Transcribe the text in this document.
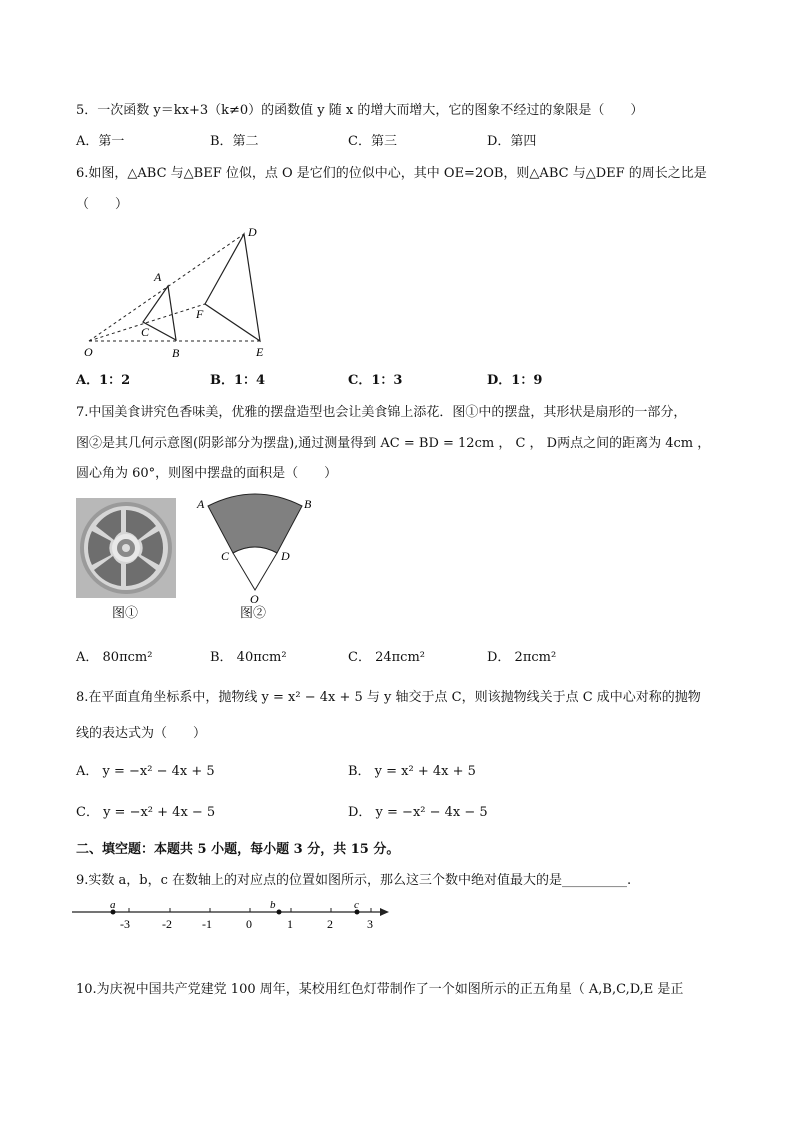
5．一次函数 y＝kx+3（k≠0）的函数值 y 随 x 的增大而增大，它的图象不经过的象限是（　　）
A．第一	B．第二	C．第三	D．第四
6.如图，△ABC 与△BEF 位似，点 O 是它们的位似中心，其中 OE=2OB，则△ABC 与△DEF 的周长之比是
（　　）
A
B
C
D
E
F
O
A．1：2	B．1：4	C．1：3	D．1：9
7.中国美食讲究色香味美，优雅的摆盘造型也会让美食锦上添花．图①中的摆盘，其形状是扇形的一部分，
图②是其几何示意图(阴影部分为摆盘),通过测量得到 AC = BD = 12cm ， C ， D两点之间的距离为 4cm ，
圆心角为 60°，则图中摆盘的面积是（　　）
图①
A	B
C	D
O
图②
A． 80πcm²	B． 40πcm²	C． 24πcm²	D． 2πcm²
8.在平面直角坐标系中，抛物线 y = x² − 4x + 5 与 y 轴交于点 C，则该抛物线关于点 C 成中心对称的抛物
线的表达式为（　　）
A． y = −x² − 4x + 5	B． y = x² + 4x + 5
C． y = −x² + 4x − 5	D． y = −x² − 4x − 5
二、填空题：本题共 5 小题，每小题 3 分，共 15 分。
9.实数 a，b，c 在数轴上的对应点的位置如图所示，那么这三个数中绝对值最大的是__________.
a	b	c
-3	-2	-1	0	1	2	3
10.为庆祝中国共产党建党 100 周年，某校用红色灯带制作了一个如图所示的正五角星（ A,B,C,D,E 是正
